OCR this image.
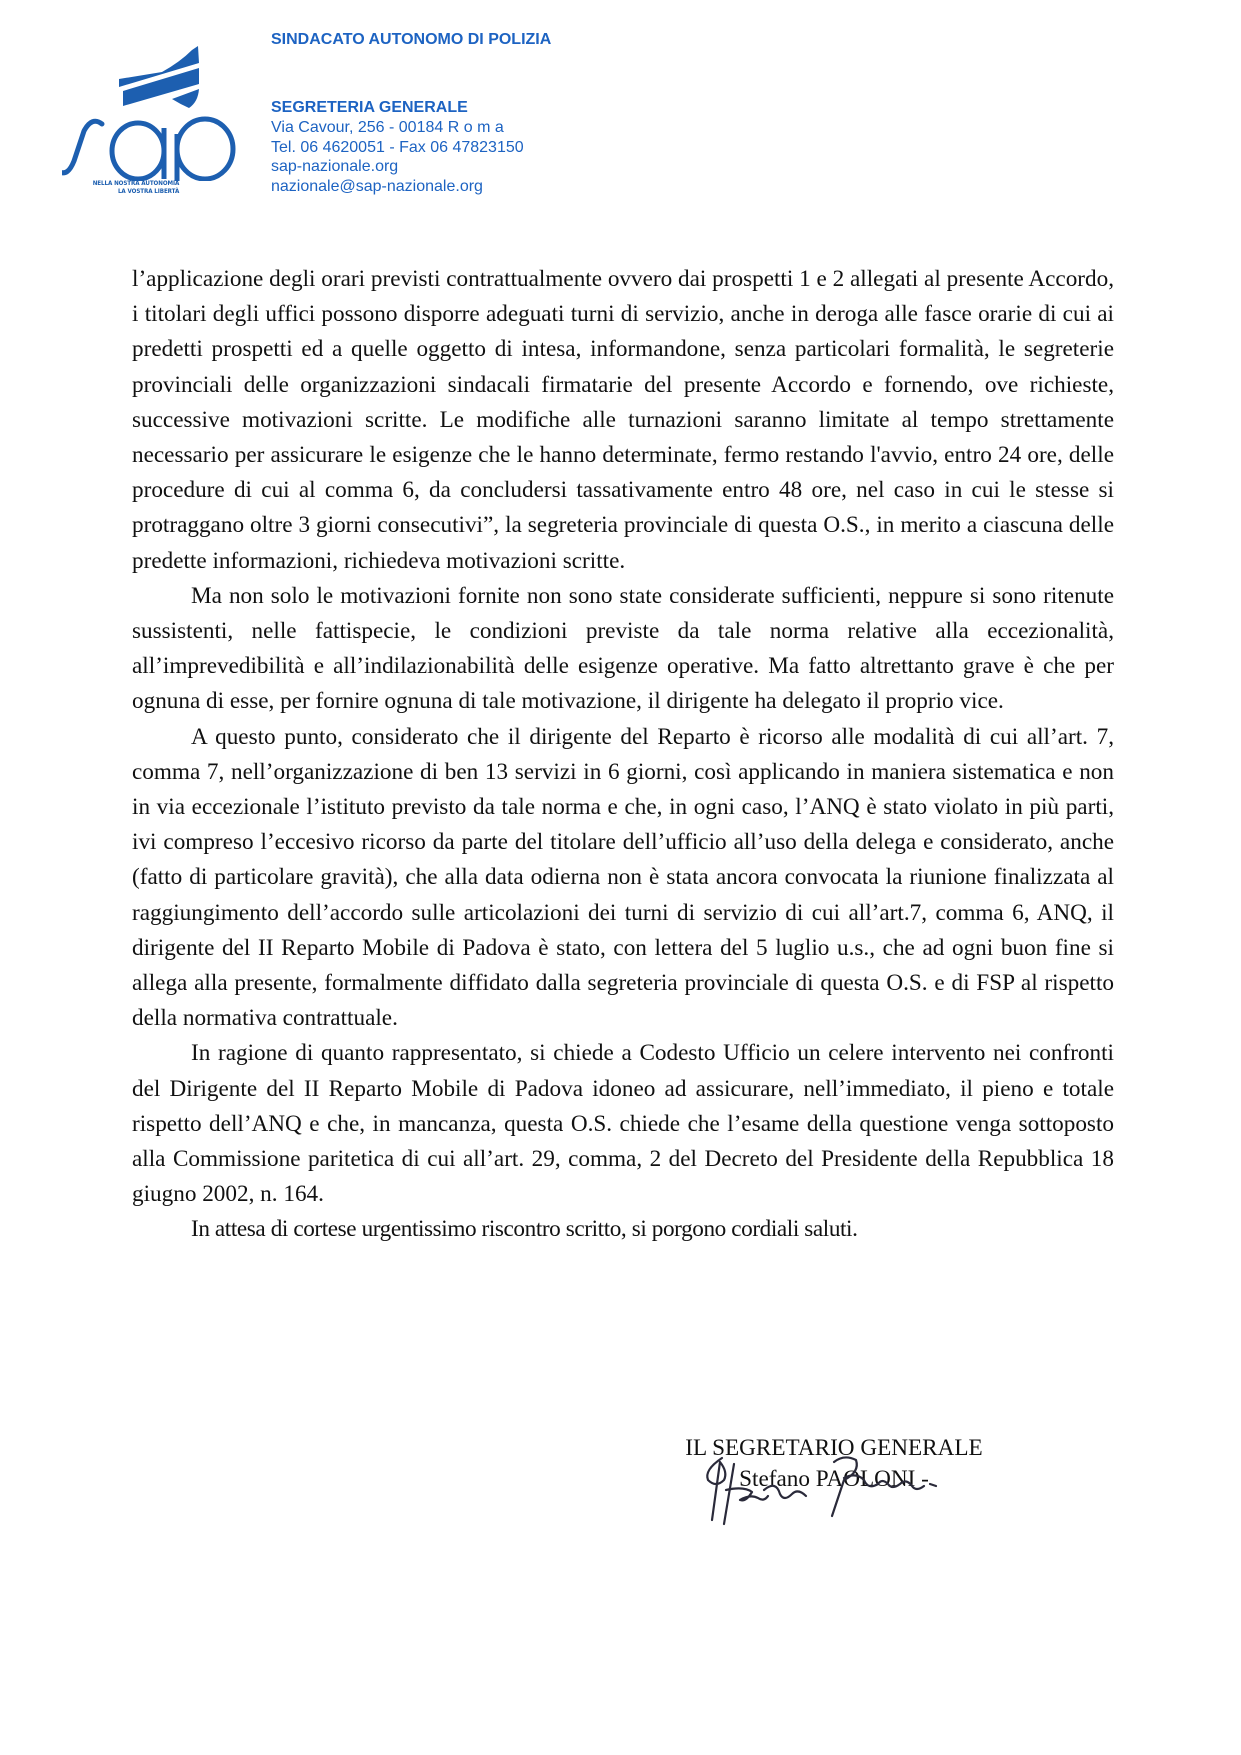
NELLA NOSTRA AUTONOMIA
LA VOSTRA LIBERTÀ
SINDACATO AUTONOMO DI POLIZIA
SEGRETERIA GENERALE
Via Cavour, 256 - 00184 R o m a
Tel. 06 4620051 - Fax 06 47823150
sap-nazionale.org
nazionale@sap-nazionale.org

l’applicazione degli orari previsti contrattualmente ovvero dai prospetti 1 e 2 allegati al presente Accordo, i titolari degli uffici possono disporre adeguati turni di servizio, anche in deroga alle fasce orarie di cui ai predetti prospetti ed a quelle oggetto di intesa, informandone, senza particolari formalità, le segreterie provinciali delle organizzazioni sindacali firmatarie del presente Accordo e fornendo, ove richieste, successive motivazioni scritte. Le modifiche alle turnazioni saranno limitate al tempo strettamente necessario per assicurare le esigenze che le hanno determinate, fermo restando l'avvio, entro 24 ore, delle procedure di cui al comma 6, da concludersi tassativamente entro 48 ore, nel caso in cui le stesse si protraggano oltre 3 giorni consecutivi”, la segreteria provinciale di questa O.S., in merito a ciascuna delle predette informazioni, richiedeva motivazioni scritte.

Ma non solo le motivazioni fornite non sono state considerate sufficienti, neppure si sono ritenute sussistenti, nelle fattispecie, le condizioni previste da tale norma relative alla eccezionalità, all’imprevedibilità e all’indilazionabilità delle esigenze operative. Ma fatto altrettanto grave è che per ognuna di esse, per fornire ognuna di tale motivazione, il dirigente ha delegato il proprio vice.

A questo punto, considerato che il dirigente del Reparto è ricorso alle modalità di cui all’art. 7, comma 7, nell’organizzazione di ben 13 servizi in 6 giorni, così applicando in maniera sistematica e non in via eccezionale l’istituto previsto da tale norma e che, in ogni caso, l’ANQ è stato violato in più parti, ivi compreso l’eccesivo ricorso da parte del titolare dell’ufficio all’uso della delega e considerato, anche (fatto di particolare gravità), che alla data odierna non è stata ancora convocata la riunione finalizzata al raggiungimento dell’accordo sulle articolazioni dei turni di servizio di cui all’art.7, comma 6, ANQ, il dirigente del II Reparto Mobile di Padova è stato, con lettera del 5 luglio u.s., che ad ogni buon fine si allega alla presente, formalmente diffidato dalla segreteria provinciale di questa O.S. e di FSP al rispetto della normativa contrattuale.

In ragione di quanto rappresentato, si chiede a Codesto Ufficio un celere intervento nei confronti del Dirigente del II Reparto Mobile di Padova idoneo ad assicurare, nell’immediato, il pieno e totale rispetto dell’ANQ e che, in mancanza, questa O.S. chiede che l’esame della questione venga sottoposto alla Commissione paritetica di cui all’art. 29, comma, 2 del Decreto del Presidente della Repubblica 18 giugno 2002, n. 164.

In attesa di cortese urgentissimo riscontro scritto, si porgono cordiali saluti.

IL SEGRETARIO GENERALE
Stefano PAOLONI -
